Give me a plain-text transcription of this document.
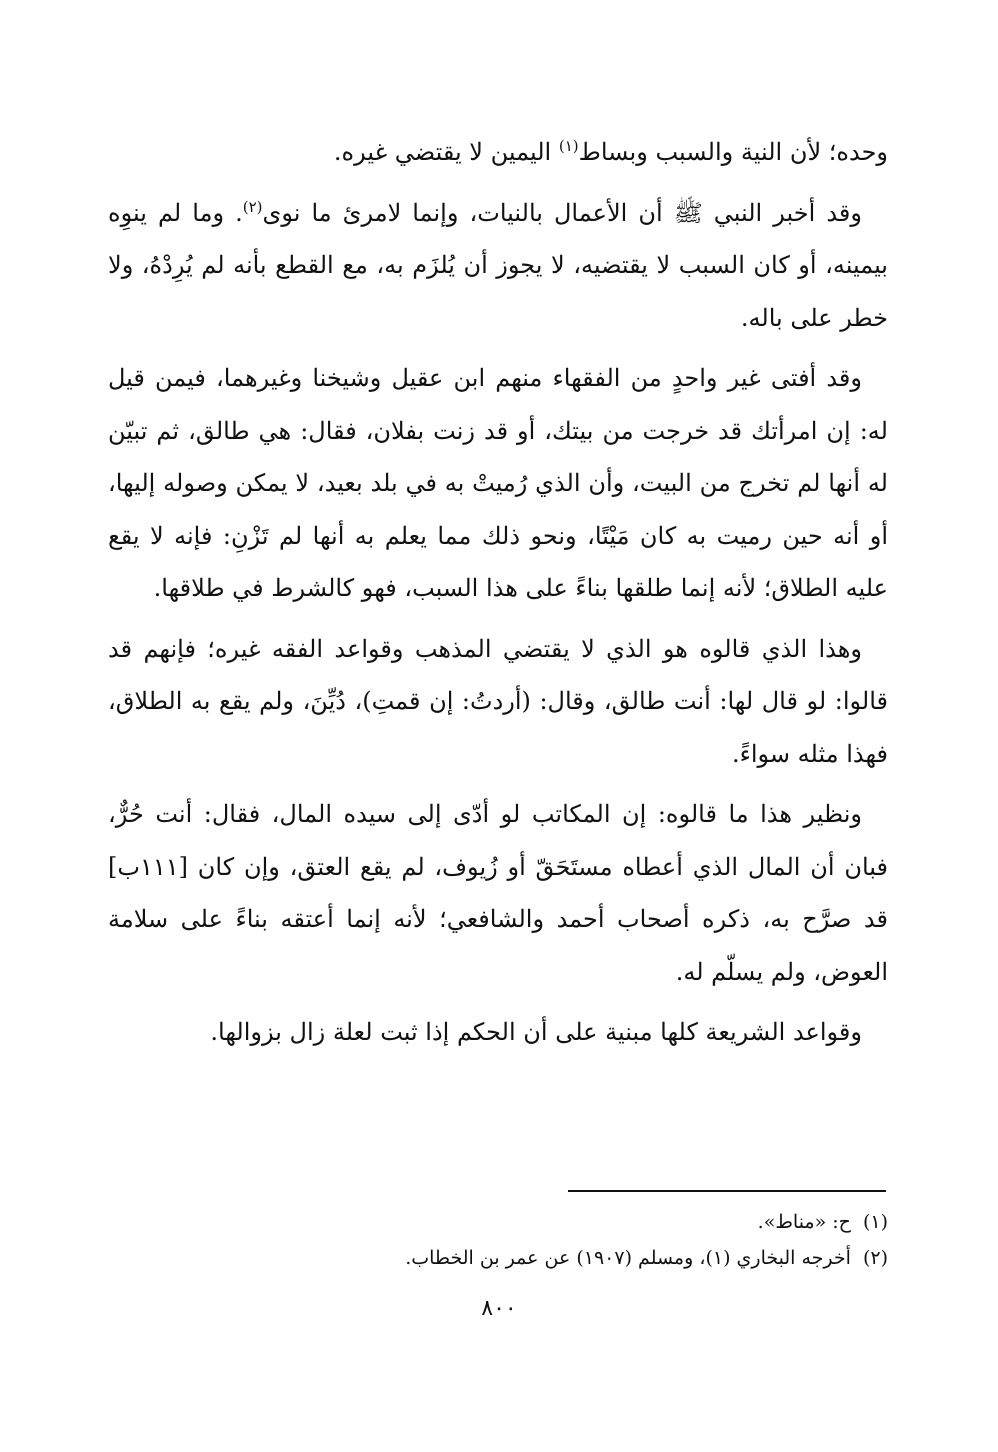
وحده؛ لأن النية والسبب وبساط$^{(١)}$ اليمين لا يقتضي غيره.

وقد أخبر النبي ﷺ أن الأعمال بالنيات، وإنما لامرئ ما نوى$^{(٢)}$. وما لم ينوِه بيمينه، أو كان السبب لا يقتضيه، لا يجوز أن يُلزَم به، مع القطع بأنه لم يُرِدْهُ، ولا خطر على باله.

وقد أفتى غير واحدٍ من الفقهاء منهم ابن عقيل وشيخنا وغيرهما، فيمن قيل له: إن امرأتك قد خرجت من بيتك، أو قد زنت بفلان، فقال: هي طالق، ثم تبيّن له أنها لم تخرج من البيت، وأن الذي رُميتْ به في بلد بعيد، لا يمكن وصوله إليها، أو أنه حين رميت به كان مَيْتًا، ونحو ذلك مما يعلم به أنها لم تَزْنِ: فإنه لا يقع عليه الطلاق؛ لأنه إنما طلقها بناءً على هذا السبب، فهو كالشرط في طلاقها.

وهذا الذي قالوه هو الذي لا يقتضي المذهب وقواعد الفقه غيره؛ فإنهم قد قالوا: لو قال لها: أنت طالق، وقال: (أردتُ: إن قمتِ)، دُيِّنَ، ولم يقع به الطلاق، فهذا مثله سواءً.

ونظير هذا ما قالوه: إن المكاتب لو أدّى إلى سيده المال، فقال: أنت حُرٌّ، فبان أن المال الذي أعطاه مستَحَقّ أو زُيوف، لم يقع العتق، وإن كان [١١١ب] قد صرَّح به، ذكره أصحاب أحمد والشافعي؛ لأنه إنما أعتقه بناءً على سلامة العوض، ولم يسلّم له.

وقواعد الشريعة كلها مبنية على أن الحكم إذا ثبت لعلة زال بزوالها.

(١)ح: «مناط».

(٢)أخرجه البخاري (١)، ومسلم (١٩٠٧) عن عمر بن الخطاب.

٨٠٠
